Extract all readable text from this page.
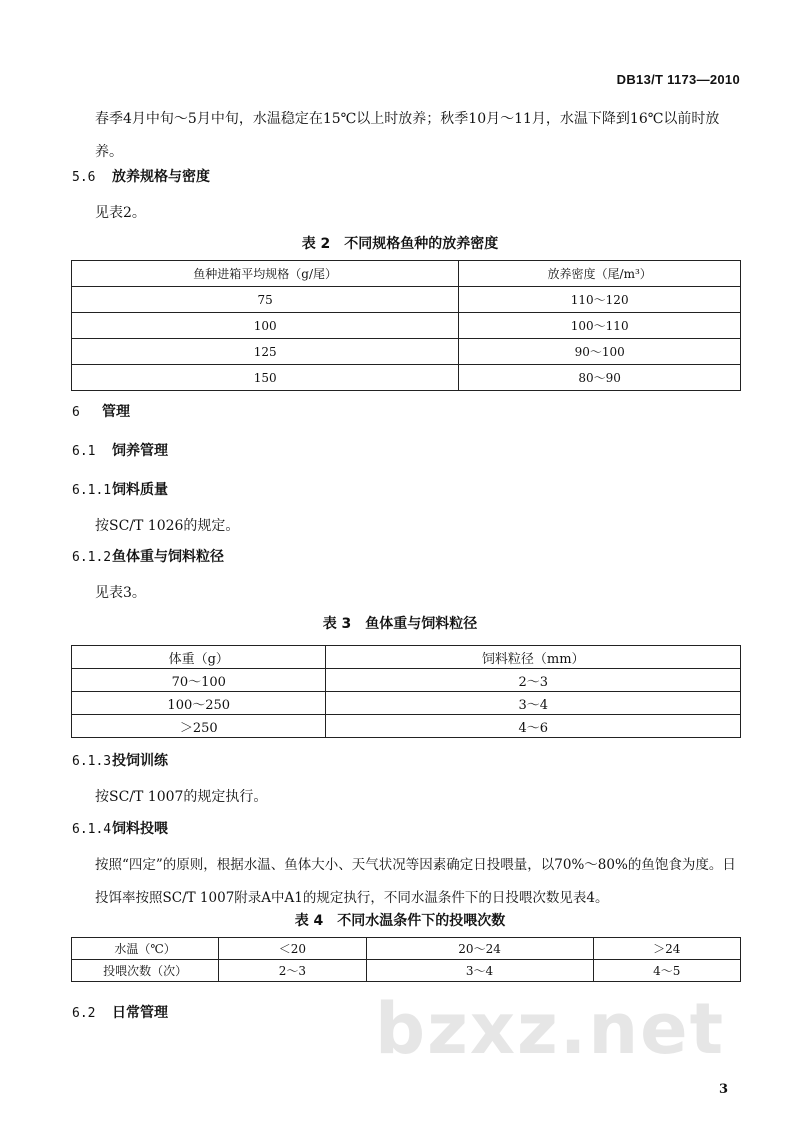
DB13/T 1173—2010
春季4月中旬～5月中旬，水温稳定在15℃以上时放养；秋季10月～11月，水温下降到16℃以前时放养。
5.6 放养规格与密度
见表2。
表 2　不同规格鱼种的放养密度
鱼种进箱平均规格（g/尾）	放养密度（尾/m³）
75	110～120
100	100～110
125	90～100
150	80～90
6 管理
6.1 饲养管理
6.1.1饲料质量
按SC/T 1026的规定。
6.1.2鱼体重与饲料粒径
见表3。
表 3　鱼体重与饲料粒径
体重（g）	饲料粒径（mm）
70～100	2～3
100～250	3～4
＞250	4～6
6.1.3投饲训练
按SC/T 1007的规定执行。
6.1.4饲料投喂
按照“四定”的原则，根据水温、鱼体大小、天气状况等因素确定日投喂量，以70%～80%的鱼饱食为度。日投饵率按照SC/T 1007附录A中A1的规定执行，不同水温条件下的日投喂次数见表4。
表 4　不同水温条件下的投喂次数
水温（℃）	＜20	20～24	＞24
投喂次数（次）	2～3	3～4	4～5
6.2 日常管理	bzxz.net
3
